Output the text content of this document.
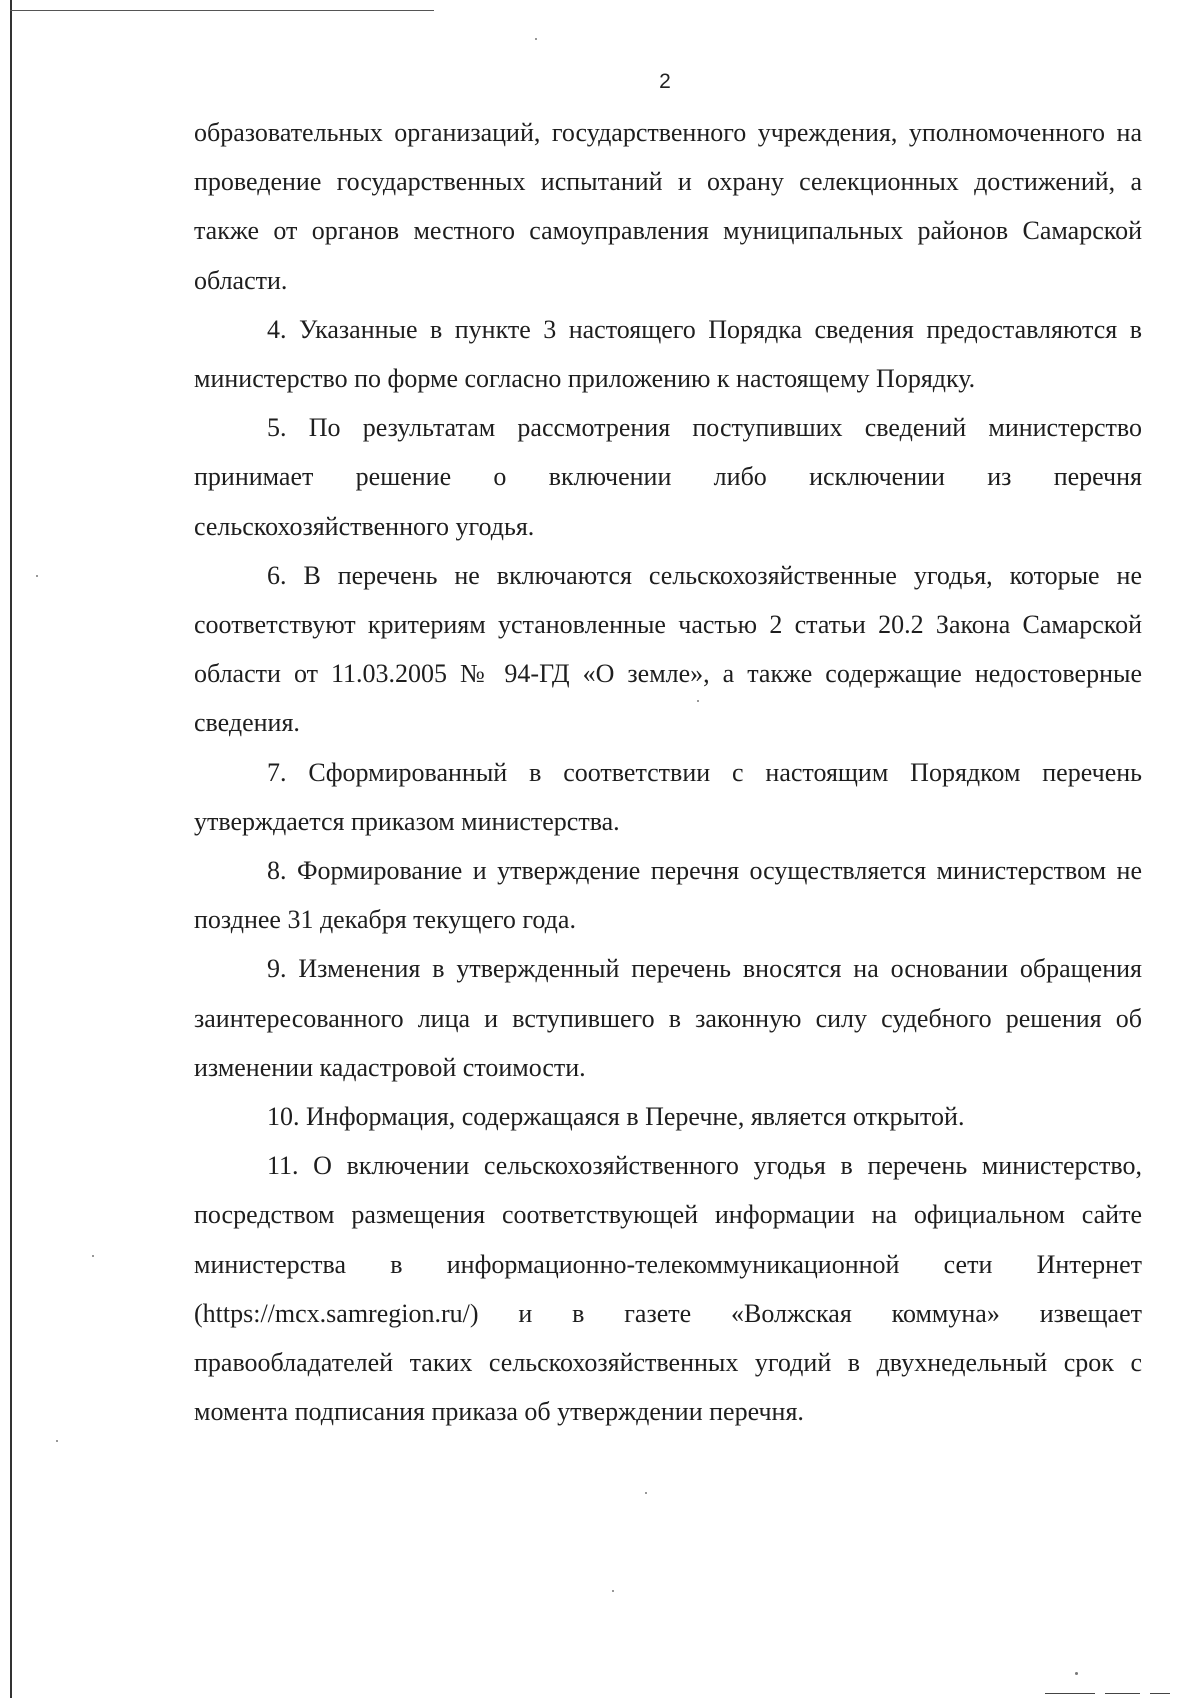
2

образовательных организаций, государственного учреждения, уполномоченного на проведение государственных испытаний и охрану селекционных достижений, а также от органов местного самоуправления муниципальных районов Самарской области.

4. Указанные в пункте 3 настоящего Порядка сведения предоставляются в министерство по форме согласно приложению к настоящему Порядку.

5. По результатам рассмотрения поступивших сведений министерство принимает решение о включении либо исключении из перечня сельскохозяйственного угодья.

6. В перечень не включаются сельскохозяйственные угодья, которые не соответствуют критериям установленные частью 2 статьи 20.2 Закона Самарской области от 11.03.2005 № 94-ГД «О земле», а также содержащие недостоверные сведения.

7. Сформированный в соответствии с настоящим Порядком перечень утверждается приказом министерства.

8. Формирование и утверждение перечня осуществляется министерством не позднее 31 декабря текущего года.

9. Изменения в утвержденный перечень вносятся на основании обращения заинтересованного лица и вступившего в законную силу судебного решения об изменении кадастровой стоимости.

10. Информация, содержащаяся в Перечне, является открытой.

11. О включении сельскохозяйственного угодья в перечень министерство, посредством размещения соответствующей информации на официальном сайте министерства в информационно-телекоммуникационной сети Интернет (https://mcx.samregion.ru/) и в газете «Волжская коммуна» извещает правообладателей таких сельскохозяйственных угодий в двухнедельный срок с момента подписания приказа об утверждении перечня.
